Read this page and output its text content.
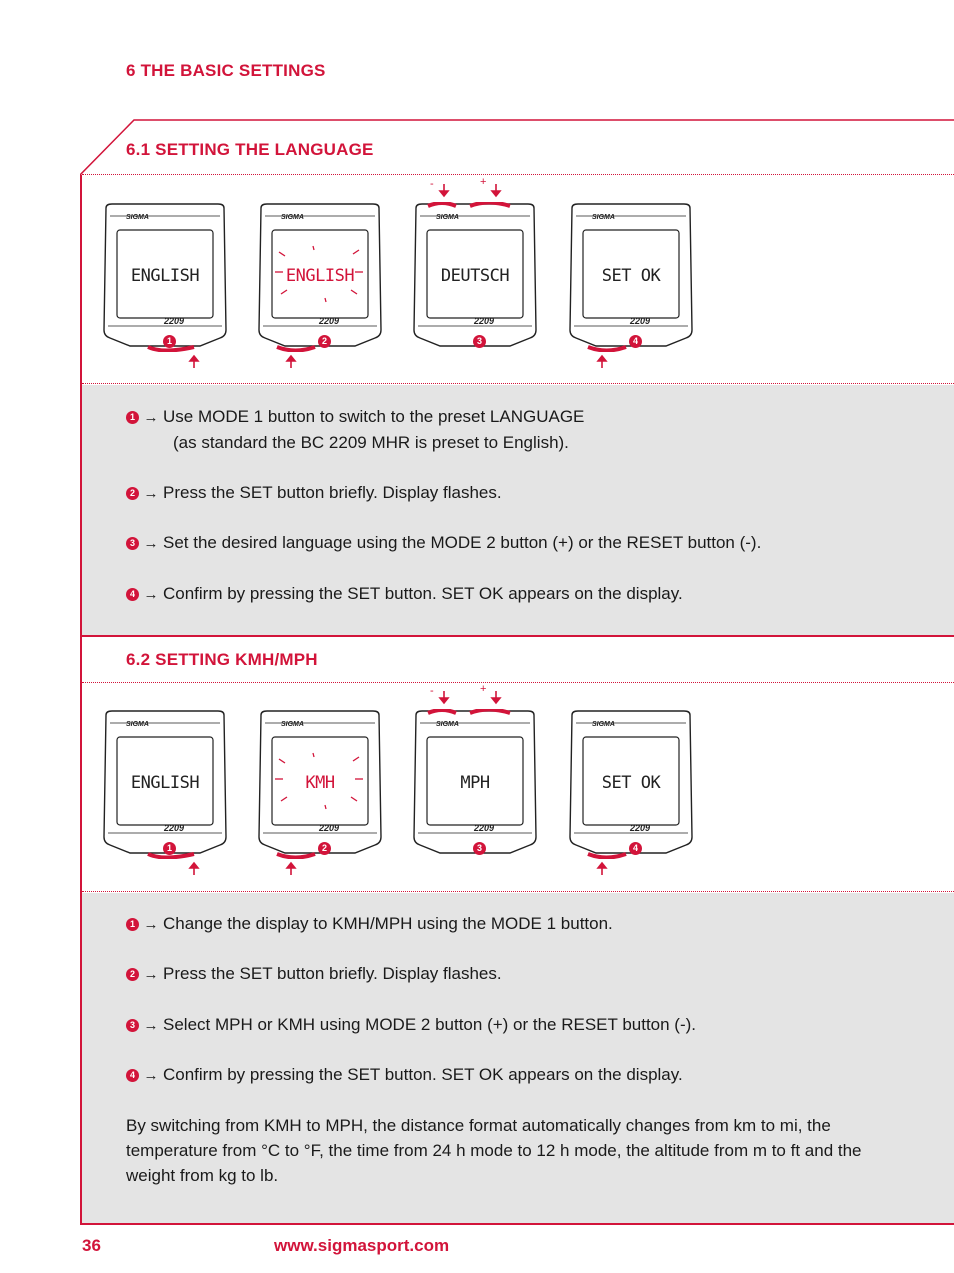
6 THE BASIC SETTINGS
6.1 SETTING THE LANGUAGE
SIGMA
2209
ENGLISH
1
SIGMA
2209
ENGLISH
2
SIGMA
2209
DEUTSCH
3
-	+
SIGMA
2209
SET OK
4
1 → Use MODE 1 button to switch to the preset LANGUAGE
(as standard the BC 2209 MHR is preset to English).
2 → Press the SET button briefly. Display flashes.
3 → Set the desired language using the MODE 2 button (+) or the RESET button (-).
4 → Confirm by pressing the SET button. SET OK appears on the display.
6.2 SETTING KMH/MPH
SIGMA
2209
ENGLISH
1
SIGMA
2209
KMH
2
SIGMA
2209
MPH
3
-	+
SIGMA
2209
SET OK
4
1 → Change the display to KMH/MPH using the MODE 1 button.
2 → Press the SET button briefly. Display flashes.
3 → Select MPH or KMH using MODE 2 button (+) or the RESET button (-).
4 → Confirm by pressing the SET button. SET OK appears on the display.
By switching from KMH to MPH, the distance format automatically changes from km to mi, the temperature from °C to °F, the time from 24 h mode to 12 h mode, the altitude from m to ft and the weight from kg to lb.
36	www.sigmasport.com
